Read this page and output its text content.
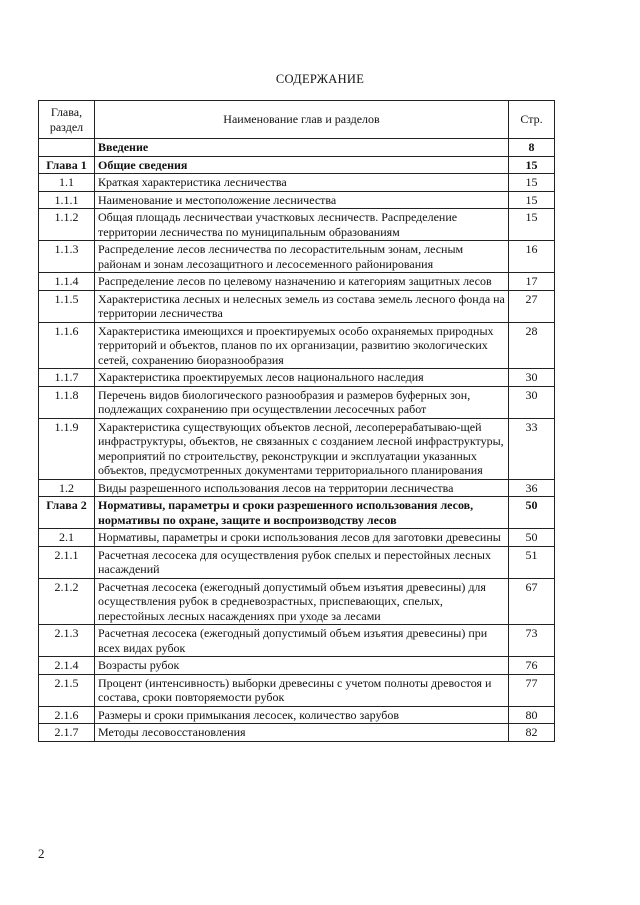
СОДЕРЖАНИЕ
Глава, раздел	Наименование глав и разделов	Стр.
	Введение	8
Глава 1	Общие сведения	15
1.1	Краткая характеристика лесничества	15
1.1.1	Наименование и местоположение лесничества	15
1.1.2	Общая площадь лесничестваи участковых лесничеств. Распределение территории лесничества по муниципальным образованиям	15
1.1.3	Распределение лесов лесничества по лесорастительным зонам, лесным районам и зонам лесозащитного и лесосеменного районирования	16
1.1.4	Распределение лесов по целевому назначению и категориям защитных лесов	17
1.1.5	Характеристика лесных и нелесных земель из состава земель лесного фонда на территории лесничества	27
1.1.6	Характеристика имеющихся и проектируемых особо охраняемых природных территорий и объектов, планов по их организации, развитию экологических сетей, сохранению биоразнообразия	28
1.1.7	Характеристика проектируемых лесов национального наследия	30
1.1.8	Перечень видов биологического разнообразия и размеров буферных зон, подлежащих сохранению при осуществлении лесосечных работ	30
1.1.9	Характеристика существующих объектов лесной, лесоперерабатываю-щей инфраструктуры, объектов, не связанных с созданием лесной инфраструктуры, мероприятий по строительству, реконструкции и эксплуатации указанных объектов, предусмотренных документами территориального планирования	33
1.2	Виды разрешенного использования лесов на территории лесничества	36
Глава 2	Нормативы, параметры и сроки разрешенного использования лесов, нормативы по охране, защите и воспроизводству лесов	50
2.1	Нормативы, параметры и сроки использования лесов для заготовки древесины	50
2.1.1	Расчетная лесосека для осуществления рубок спелых и перестойных лесных насаждений	51
2.1.2	Расчетная лесосека (ежегодный допустимый объем изъятия древесины) для осуществления рубок в средневозрастных, приспевающих, спелых, перестойных лесных насаждениях при уходе за лесами	67
2.1.3	Расчетная лесосека (ежегодный допустимый объем изъятия древесины) при всех видах рубок	73
2.1.4	Возрасты рубок	76
2.1.5	Процент (интенсивность) выборки древесины с учетом полноты древостоя и состава, сроки повторяемости рубок	77
2.1.6	Размеры и сроки примыкания лесосек, количество зарубов	80
2.1.7	Методы лесовосстановления	82
2
